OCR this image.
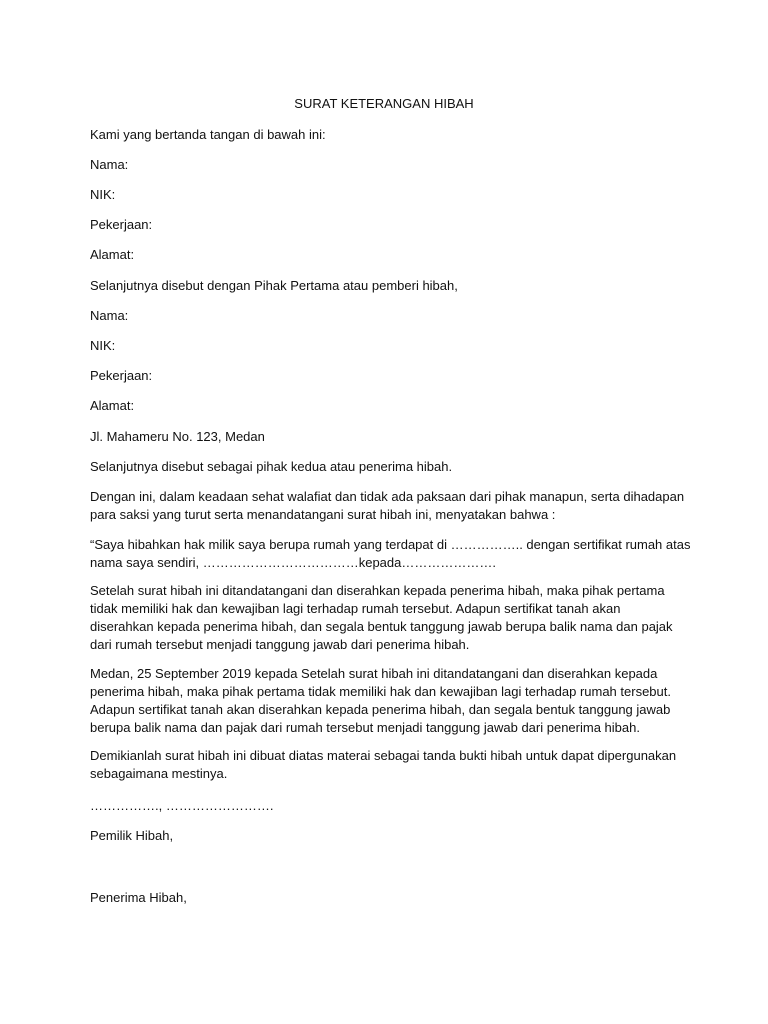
SURAT KETERANGAN HIBAH

Kami yang bertanda tangan di bawah ini:

Nama:

NIK:

Pekerjaan:

Alamat:

Selanjutnya disebut dengan Pihak Pertama atau pemberi hibah,

Nama:

NIK:

Pekerjaan:

Alamat:

Jl. Mahameru No. 123, Medan

Selanjutnya disebut sebagai pihak kedua atau penerima hibah.

Dengan ini, dalam keadaan sehat walafiat dan tidak ada paksaan dari pihak manapun, serta dihadapan
para saksi yang turut serta menandatangani surat hibah ini, menyatakan bahwa :
“Saya hibahkan hak milik saya berupa rumah yang terdapat di …………….. dengan sertifikat rumah atas
nama saya sendiri, ………………………………kepada………………….
Setelah surat hibah ini ditandatangani dan diserahkan kepada penerima hibah, maka pihak pertama
tidak memiliki hak dan kewajiban lagi terhadap rumah tersebut. Adapun sertifikat tanah akan
diserahkan kepada penerima hibah, dan segala bentuk tanggung jawab berupa balik nama dan pajak
dari rumah tersebut menjadi tanggung jawab dari penerima hibah.
Medan, 25 September 2019 kepada Setelah surat hibah ini ditandatangani dan diserahkan kepada
penerima hibah, maka pihak pertama tidak memiliki hak dan kewajiban lagi terhadap rumah tersebut.
Adapun sertifikat tanah akan diserahkan kepada penerima hibah, dan segala bentuk tanggung jawab
berupa balik nama dan pajak dari rumah tersebut menjadi tanggung jawab dari penerima hibah.
Demikianlah surat hibah ini dibuat diatas materai sebagai tanda bukti hibah untuk dapat dipergunakan
sebagaimana mestinya.

……………., …………………….

Pemilik Hibah,

Penerima Hibah,
